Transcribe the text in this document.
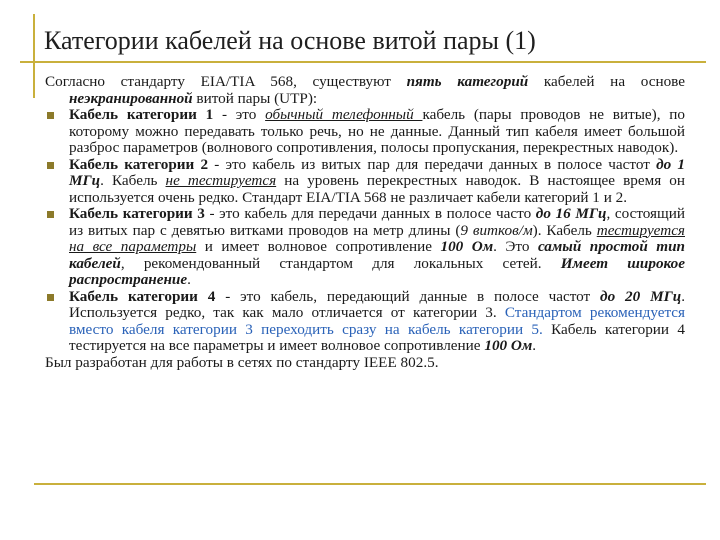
Категории кабелей на основе витой пары (1)

Согласно стандарту EIA/TIA 568, существуют пять категорий кабелей на основе неэкранированной витой пары (UTP):

Кабель категории 1 - это обычный телефонный кабель (пары проводов не витые), по которому можно передавать только речь, но не данные. Данный тип кабеля имеет большой разброс параметров (волнового сопротивления, полосы пропускания, перекрестных наводок).

Кабель категории 2 - это кабель из витых пар для передачи данных в полосе частот до 1 МГц. Кабель не тестируется на уровень перекрестных наводок. В настоящее время он используется очень редко. Стандарт EIA/TIA 568 не различает кабели категорий 1 и 2.

Кабель категории 3 - это кабель для передачи данных в полосе часто до 16 МГц, состоящий из витых пар с девятью витками проводов на метр длины (9 витков/м). Кабель тестируется на все параметры и имеет волновое сопротивление 100 Ом. Это самый простой тип кабелей, рекомендованный стандартом для локальных сетей. Имеет широкое распространение.

Кабель категории 4 - это кабель, передающий данные в полосе частот до 20 МГц. Используется редко, так как мало отличается от категории 3. Стандартом рекомендуется вместо кабеля категории 3 переходить сразу на кабель категории 5. Кабель категории 4 тестируется на все параметры и имеет волновое сопротивление 100 Ом.

Был разработан для работы в сетях по стандарту IEEE 802.5.
